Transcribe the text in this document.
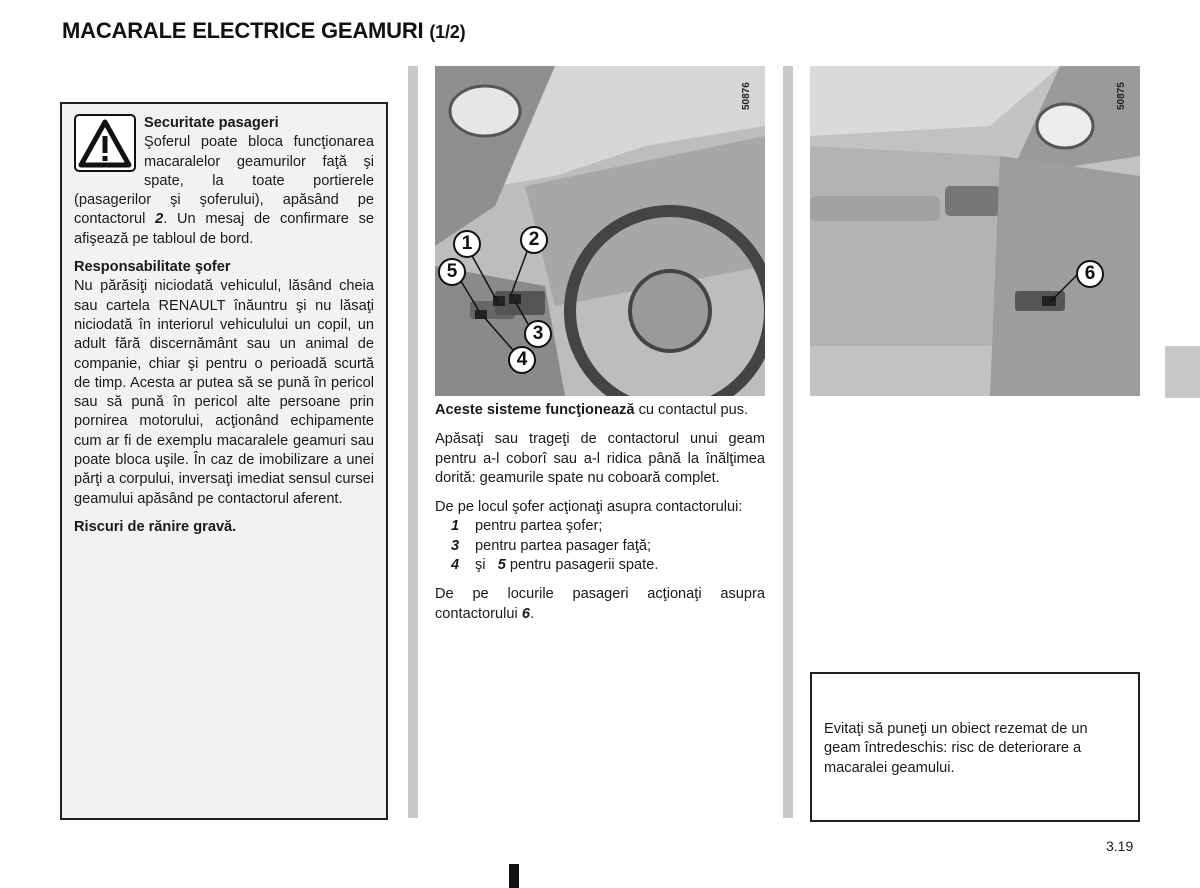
MACARALE ELECTRICE GEAMURI (1/2)
Securitate pasageri

Şoferul poate bloca funcţionarea macaralelor geamurilor faţă şi spate, la toate portierele (pasagerilor şi şoferului), apăsând pe contactorul 2. Un mesaj de confirmare se afişează pe tabloul de bord.

Responsabilitate şofer

Nu părăsiţi niciodată vehiculul, lăsând cheia sau cartela RENAULT înăuntru şi nu lăsaţi niciodată în interiorul vehiculului un copil, un adult fără discernământ sau un animal de companie, chiar şi pentru o perioadă scurtă de timp. Acesta ar putea să se pună în pericol sau să pună în pericol alte persoane prin pornirea motorului, acţionând echipamente cum ar fi de exemplu macaralele geamuri sau poate bloca uşile. În caz de imobilizare a unei părţi a corpului, inversaţi imediat sensul cursei geamului apăsând pe contactorul aferent.

Riscuri de rănire gravă.
1	2
5
3
4
50876
6
50875

Aceste sisteme funcţionează cu contactul pus.

Apăsaţi sau trageţi de contactorul unui geam pentru a-l coborî sau a-l ridica până la înălţimea dorită: geamurile spate nu coboară complet.

De pe locul şofer acţionaţi asupra contactorului:

1 pentru partea şofer;
3 pentru partea pasager faţă;
4 şi 5 pentru pasagerii spate.

De pe locurile pasageri acţionaţi asupra contactorului 6.

Evitaţi să puneţi un obiect rezemat de un geam întredeschis: risc de deteriorare a macaralei geamului.
3.19
